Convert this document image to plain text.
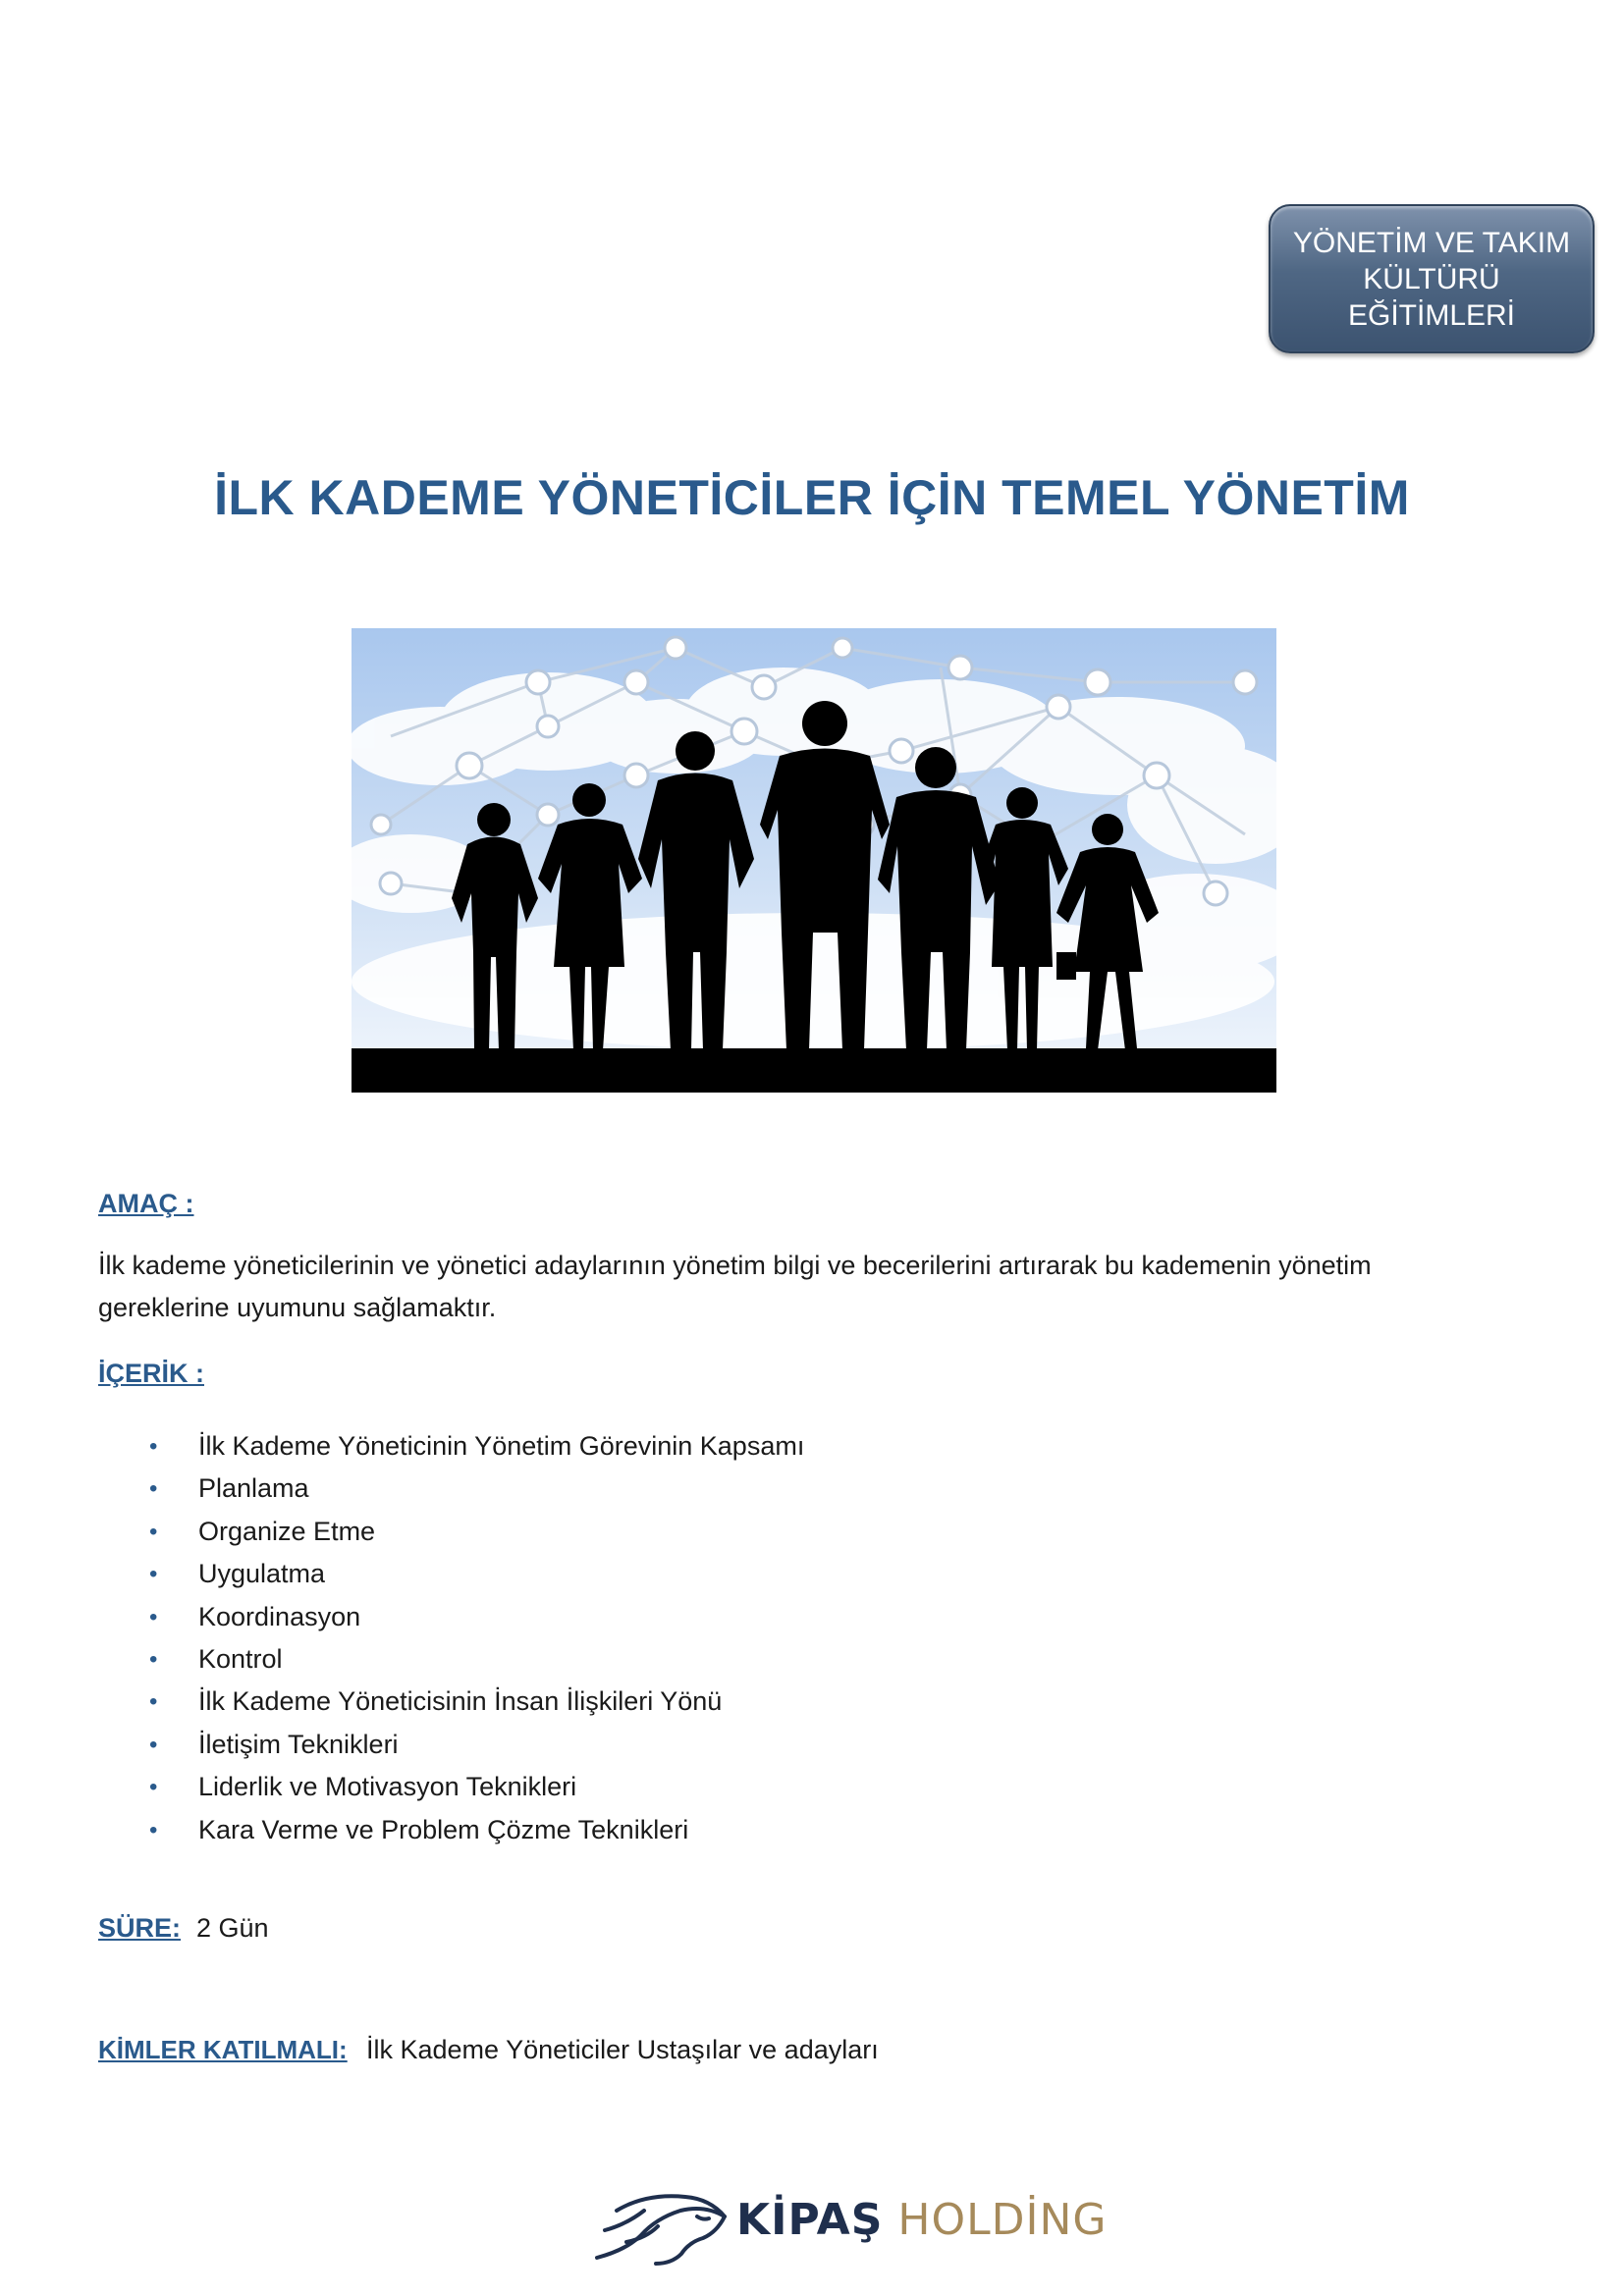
YÖNETİM VE TAKIM KÜLTÜRÜ EĞİTİMLERİ
İLK KADEME YÖNETİCİLER İÇİN TEMEL YÖNETİM
AMAÇ :
İlk kademe yöneticilerinin ve yönetici adaylarının yönetim bilgi ve becerilerini artırarak bu kademenin yönetim gereklerine uyumunu sağlamaktır.
İÇERİK :
• İlk Kademe Yöneticinin Yönetim Görevinin Kapsamı
• Planlama
• Organize Etme
• Uygulatma
• Koordinasyon
• Kontrol
• İlk Kademe Yöneticisinin İnsan İlişkileri Yönü
• İletişim Teknikleri
• Liderlik ve Motivasyon Teknikleri
• Kara Verme ve Problem Çözme Teknikleri
SÜRE: 2 Gün
KİMLER KATILMALI: İlk Kademe Yöneticiler Ustaşılar ve adayları
KİPAŞ HOLDİNG
